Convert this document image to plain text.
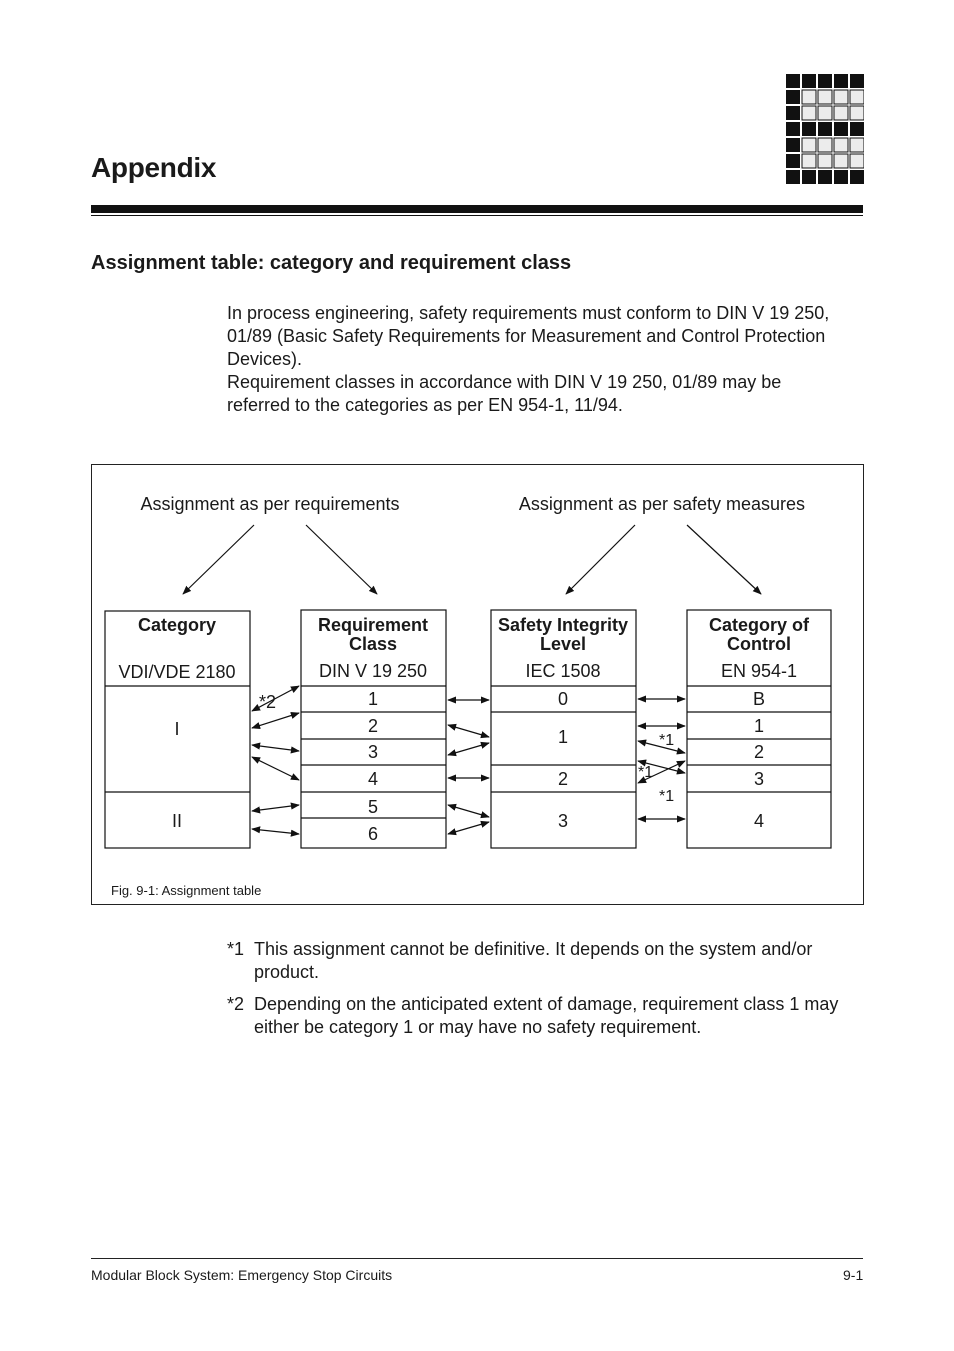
Appendix
Assignment table: category and requirement class

In process engineering, safety requirements must conform to DIN V 19 250, 01/89 (Basic Safety Requirements for Measurement and Control Protection Devices).

Requirement classes in accordance with DIN V 19 250, 01/89 may be referred to the categories as per EN 954-1, 11/94.

Assignment as per requirements	Assignment as per safety measures
Category
VDI/VDE 2180
I
II
Requirement Class
DIN V 19 250
1
2
3
4
5
6
Safety Integrity Level
IEC 1508
0
1
2
3
Category of Control
EN 954-1
B
1
2
3
4
*2
*1
*1
*1
Fig. 9-1: Assignment table
*1 This assignment cannot be definitive. It depends on the system and/or product.
*2 Depending on the anticipated extent of damage, requirement class 1 may either be category 1 or may have no safety requirement.
Modular Block System: Emergency Stop Circuits	9-1
